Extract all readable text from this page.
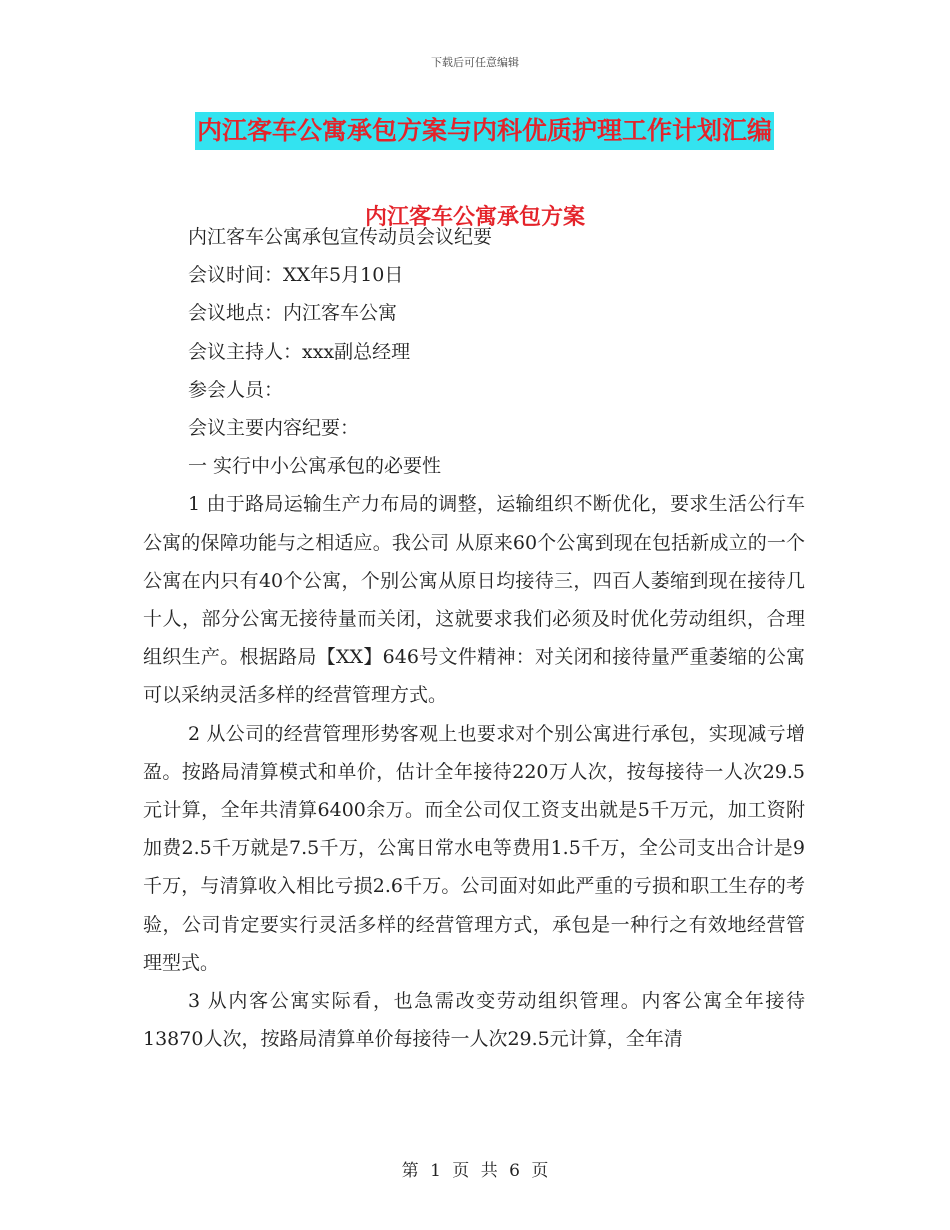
下载后可任意编辑
内江客车公寓承包方案与内科优质护理工作计划汇编
内江客车公寓承包方案

内江客车公寓承包宣传动员会议纪要

会议时间：XX年5月10日

会议地点：内江客车公寓

会议主持人：xxx副总经理

参会人员：

会议主要内容纪要：

一 实行中小公寓承包的必要性

1 由于路局运输生产力布局的调整，运输组织不断优化，要求生活公行车公寓的保障功能与之相适应。我公司 从原来60个公寓到现在包括新成立的一个公寓在内只有40个公寓，个别公寓从原日均接待三，四百人萎缩到现在接待几十人，部分公寓无接待量而关闭，这就要求我们必须及时优化劳动组织，合理组织生产。根据路局【XX】646号文件精神：对关闭和接待量严重萎缩的公寓可以采纳灵活多样的经营管理方式。

2 从公司的经营管理形势客观上也要求对个别公寓进行承包，实现减亏增盈。按路局清算模式和单价，估计全年接待220万人次，按每接待一人次29.5元计算，全年共清算6400余万。而全公司仅工资支出就是5千万元，加工资附加费2.5千万就是7.5千万，公寓日常水电等费用1.5千万，全公司支出合计是9千万，与清算收入相比亏损2.6千万。公司面对如此严重的亏损和职工生存的考验，公司肯定要实行灵活多样的经营管理方式，承包是一种行之有效地经营管理型式。

3 从内客公寓实际看，也急需改变劳动组织管理。内客公寓全年接待13870人次，按路局清算单价每接待一人次29.5元计算，全年清

第 1 页 共 6 页
